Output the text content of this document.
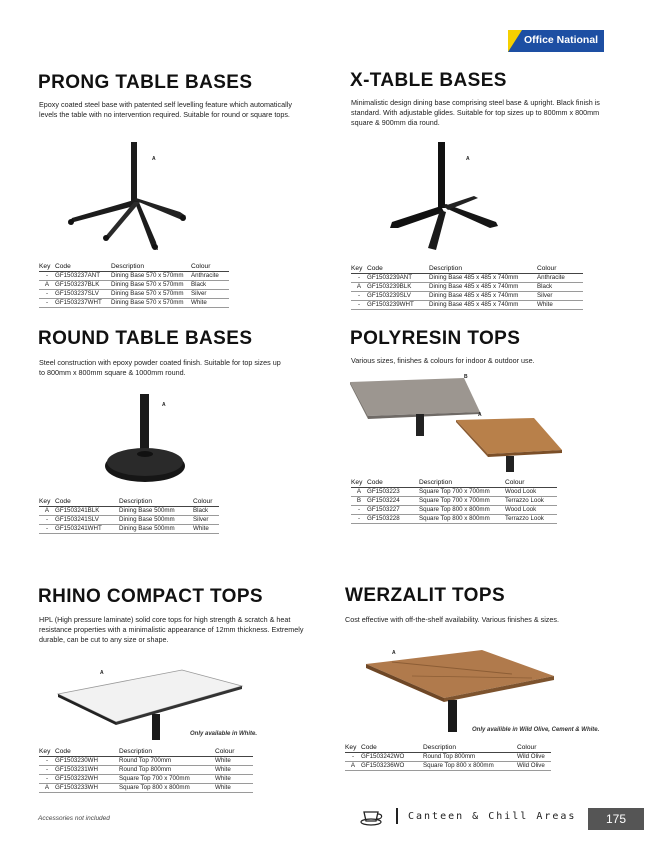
Office National
PRONG TABLE BASES
Epoxy coated steel base with patented self levelling feature which automatically levels the table with no intervention required. Suitable for round or square tops.
A
Key Code	Description	Colour
-	GF1503237ANT	Dining Base 570 x 570mm	Anthracite
A GF1503237BLK	Dining Base 570 x 570mm	Black
-	GF1503237SLV	Dining Base 570 x 570mm	Silver
-	GF1503237WHT	Dining Base 570 x 570mm	White
X-TABLE BASES
Minimalistic design dining base comprising steel base & upright. Black finish is standard. With adjustable glides. Suitable for top sizes up to 800mm x 800mm square & 900mm dia round.
A
Key Code	Description	Colour
-	GF1503239ANT	Dining Base 485 x 485 x 740mm	Anthracite
A GF1503239BLK	Dining Base 485 x 485 x 740mm	Black
-	GF1503239SLV	Dining Base 485 x 485 x 740mm	Silver
-	GF1503239WHT	Dining Base 485 x 485 x 740mm	White
ROUND TABLE BASES
Steel construction with epoxy powder coated finish. Suitable for top sizes up to 800mm x 800mm square & 1000mm round.
A
Key Code	Description	Colour
A GF1503241BLK	Dining Base 500mm	Black
-	GF1503241SLV	Dining Base 500mm	Silver
-	GF1503241WHT	Dining Base 500mm	White
POLYRESIN TOPS
Various sizes, finishes & colours for indoor & outdoor use.
B
A
Key Code	Description	Colour
A GF1503223	Square Top 700 x 700mm	Wood Look
B GF1503224	Square Top 700 x 700mm	Terrazzo Look
-	GF1503227	Square Top 800 x 800mm	Wood Look
-	GF1503228	Square Top 800 x 800mm	Terrazzo Look
RHINO COMPACT TOPS
HPL (High pressure laminate) solid core tops for high strength & scratch & heat resistance properties with a minimalistic appearance of 12mm thickness. Extremely durable, can be cut to any size or shape.
A
Only available in White.
Key Code	Description	Colour
-	GF1503230WH	Round Top 700mm	White
-	GF1503231WH	Round Top 800mm	White
-	GF1503232WH	Square Top 700 x 700mm	White
A GF1503233WH	Square Top 800 x 800mm	White
WERZALIT TOPS
Cost effective with off-the-shelf availability. Various finishes & sizes.
A
Only availible in Wild Olive, Cement & White.
Key Code	Description	Colour
-	GF1503242WO	Round Top 800mm	Wild Olive
A GF1503236WO	Square Top 800 x 800mm	Wild Olive
Accessories not included	Canteen & Chill Areas	175
